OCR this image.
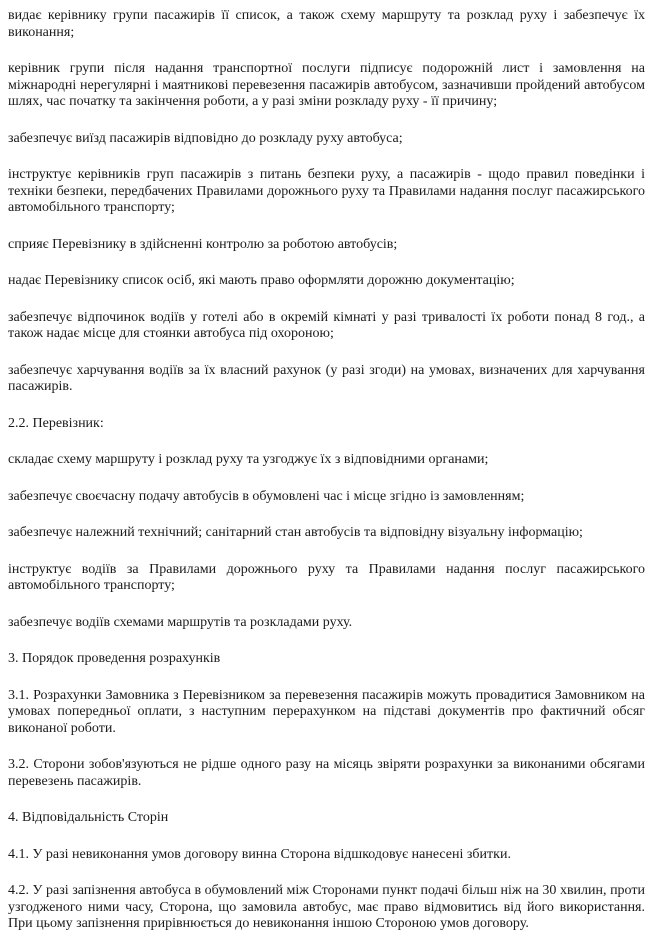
видає керівнику групи пасажирів її список, а також схему маршруту та розклад руху і забезпечує їх виконання;

керівник групи після надання транспортної послуги підписує подорожній лист і замовлення на міжнародні нерегулярні і маятникові перевезення пасажирів автобусом, зазначивши пройдений автобусом шлях, час початку та закінчення роботи, а у разі зміни розкладу руху - її причину;

забезпечує виїзд пасажирів відповідно до розкладу руху автобуса;

інструктує керівників груп пасажирів з питань безпеки руху, а пасажирів - щодо правил поведінки і техніки безпеки, передбачених Правилами дорожнього руху та Правилами надання послуг пасажирського автомобільного транспорту;

сприяє Перевізнику в здійсненні контролю за роботою автобусів;

надає Перевізнику список осіб, які мають право оформляти дорожню документацію;

забезпечує відпочинок водіїв у готелі або в окремій кімнаті у разі тривалості їх роботи понад 8 год., а також надає місце для стоянки автобуса під охороною;

забезпечує харчування водіїв за їх власний рахунок (у разі згоди) на умовах, визначених для харчування пасажирів.

2.2. Перевізник:

складає схему маршруту і розклад руху та узгоджує їх з відповідними органами;

забезпечує своєчасну подачу автобусів в обумовлені час і місце згідно із замовленням;

забезпечує належний технічний; санітарний стан автобусів та відповідну візуальну інформацію;

інструктує водіїв за Правилами дорожнього руху та Правилами надання послуг пасажирського автомобільного транспорту;

забезпечує водіїв схемами маршрутів та розкладами руху.

3. Порядок проведення розрахунків

3.1. Розрахунки Замовника з Перевізником за перевезення пасажирів можуть провадитися Замовником на умовах попередньої оплати, з наступним перерахунком на підставі документів про фактичний обсяг виконаної роботи.

3.2. Сторони зобов'язуються не рідше одного разу на місяць звіряти розрахунки за виконаними обсягами перевезень пасажирів.

4. Відповідальність Сторін

4.1. У разі невиконання умов договору винна Сторона відшкодовує нанесені збитки.

4.2. У разі запізнення автобуса в обумовлений між Сторонами пункт подачі більш ніж на 30 хвилин, проти узгодженого ними часу, Сторона, що замовила автобус, має право відмовитись від його використання. При цьому запізнення прирівнюється до невиконання іншою Стороною умов договору.
